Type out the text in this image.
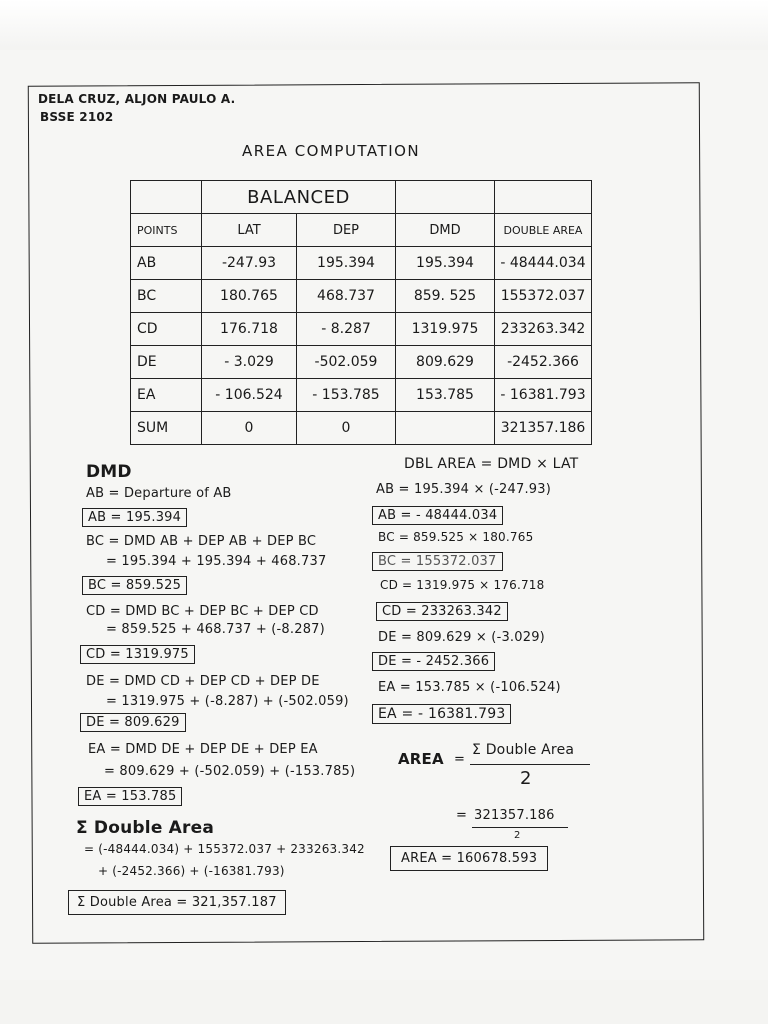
DELA CRUZ, ALJON PAULO A.
BSSE 2102
AREA COMPUTATION
	BALANCED			
POINTS	LAT	DEP	DMD	DOUBLE AREA
AB	-247.93	195.394	195.394	- 48444.034
BC	180.765	468.737	859. 525	155372.037
CD	176.718	- 8.287	1319.975	233263.342
DE	- 3.029	-502.059	809.629	-2452.366
EA	- 106.524	- 153.785	153.785	- 16381.793
SUM	0	0		321357.186
DMD
AB = Departure of AB
AB = 195.394
BC = DMD AB + DEP AB + DEP BC
= 195.394 + 195.394 + 468.737
BC = 859.525
CD = DMD BC + DEP BC + DEP CD
= 859.525 + 468.737 + (-8.287)
CD = 1319.975
DE = DMD CD + DEP CD + DEP DE
= 1319.975 + (-8.287) + (-502.059)
DE = 809.629
EA = DMD DE + DEP DE + DEP EA
= 809.629 + (-502.059) + (-153.785)
EA = 153.785
Σ Double Area
= (-48444.034) + 155372.037 + 233263.342
+ (-2452.366) + (-16381.793)
Σ Double Area = 321,357.187
DBL AREA = DMD × LAT
AB = 195.394 × (-247.93)
AB = - 48444.034
BC = 859.525 × 180.765
BC = 155372.037
CD = 1319.975 × 176.718
CD = 233263.342
DE = 809.629 × (-3.029)
DE = - 2452.366
EA = 153.785 × (-106.524)
EA = - 16381.793
AREA =
Σ Double Area
2
= 321357.186
2
AREA = 160678.593
